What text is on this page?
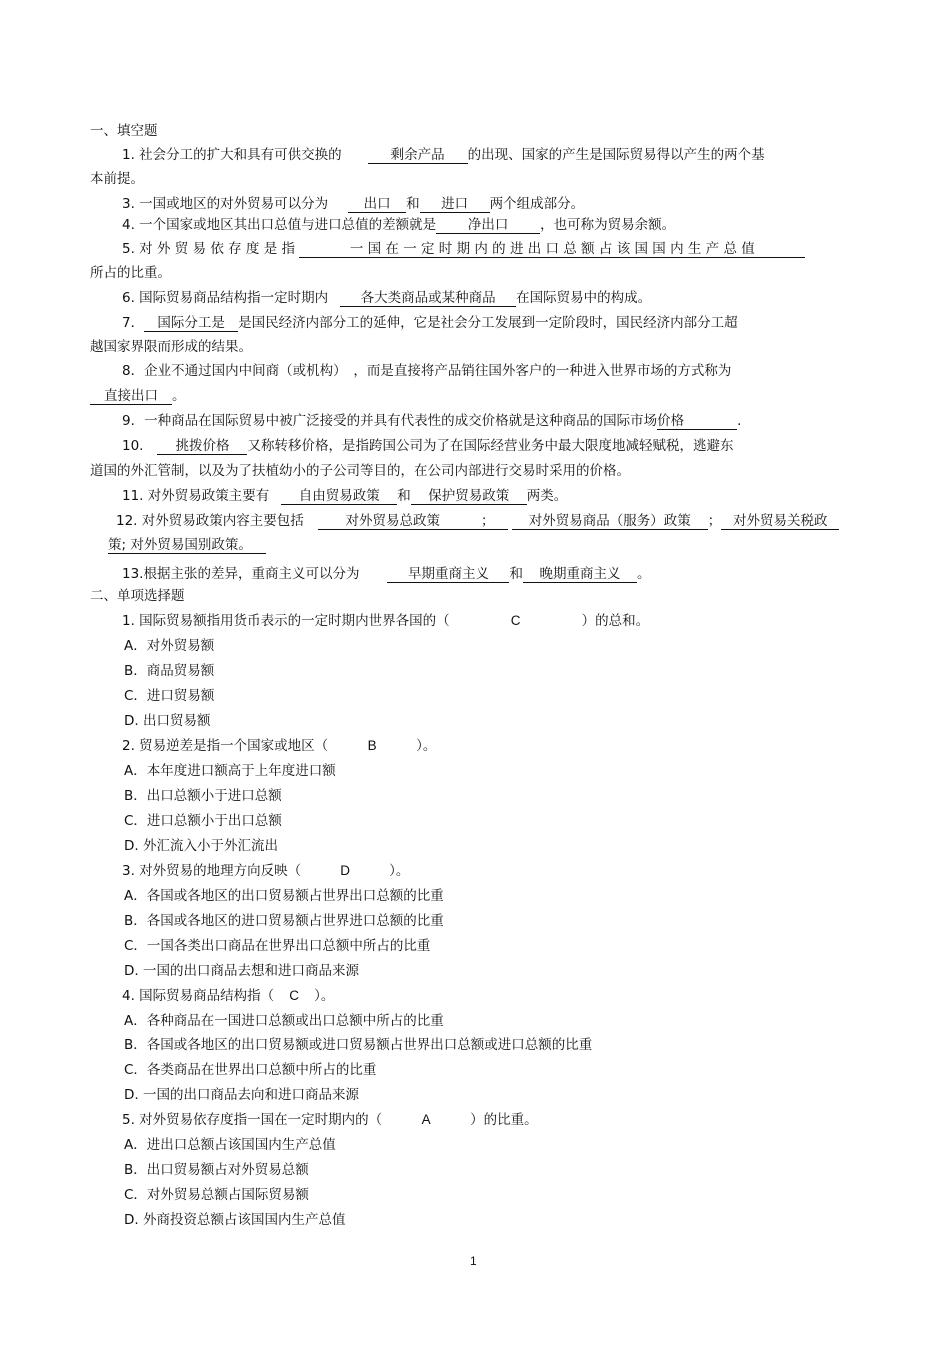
一、填空题
1. 社会分工的扩大和具有可供交换的	剩余产品 的出现、国家的产生是国际贸易得以产生的两个基
本前提。
3. 一国或地区的对外贸易可以分为	出口 和 进口 两个组成部分。
4. 一个国家或地区其出口总值与进口总值的差额就是 净出口 ，也可称为贸易余额。
5. 对 外 贸 易 依 存 度 是 指	一 国 在 一 定 时 期 内 的 进 出 口 总 额 占 该 国 国 内 生 产 总 值
所占的比重。
6. 国际贸易商品结构指一定时期内 各大类商品或某种商品 在国际贸易中的构成。
7． 国际分工是 是国民经济内部分工的延伸，它是社会分工发展到一定阶段时，国民经济内部分工超
越国家界限而形成的结果。
8．企业不通过国内中间商（或机构）　，而是直接将产品销往国外客户的一种进入世界市场的方式称为
直接出口 。
9．一种商品在国际贸易中被广泛接受的并具有代表性的成交价格就是这种商品的国际市场价格	.
10. 挑拨价格 又称转移价格，是指跨国公司为了在国际经营业务中最大限度地减轻赋税，逃避东
道国的外汇管制，以及为了扶植幼小的子公司等目的，在公司内部进行交易时采用的价格。
11. 对外贸易政策主要有 自由贸易政策 和 保护贸易政策 两类。
12. 对外贸易政策内容主要包括	对外贸易总政策	；	对外贸易商品（服务）政策 ； 对外贸易关税政
策; 对外贸易国别政策。
13.根据主张的差异，重商主义可以分为	早期重商主义 和 晚期重商主义 。
二、单项选择题
1. 国际贸易额指用货币表示的一定时期内世界各国的（	C	）的总和。
A．对外贸易额
B．商品贸易额
C．进口贸易额
D. 出口贸易额
2. 贸易逆差是指一个国家或地区（	B	）。
A．本年度进口额高于上年度进口额
B．出口总额小于进口总额
C．进口总额小于出口总额
D. 外汇流入小于外汇流出
3. 对外贸易的地理方向反映（	D	）。
A．各国或各地区的出口贸易额占世界出口总额的比重
B．各国或各地区的进口贸易额占世界进口总额的比重
C．一国各类出口商品在世界出口总额中所占的比重
D. 一国的出口商品去想和进口商品来源
4. 国际贸易商品结构指（ C ）。
A．各种商品在一国进口总额或出口总额中所占的比重
B．各国或各地区的出口贸易额或进口贸易额占世界出口总额或进口总额的比重
C．各类商品在世界出口总额中所占的比重
D. 一国的出口商品去向和进口商品来源
5. 对外贸易依存度指一国在一定时期内的（	A	）的比重。
A．进出口总额占该国国内生产总值
B．出口贸易额占对外贸易总额
C．对外贸易总额占国际贸易额
D. 外商投资总额占该国国内生产总值
1
